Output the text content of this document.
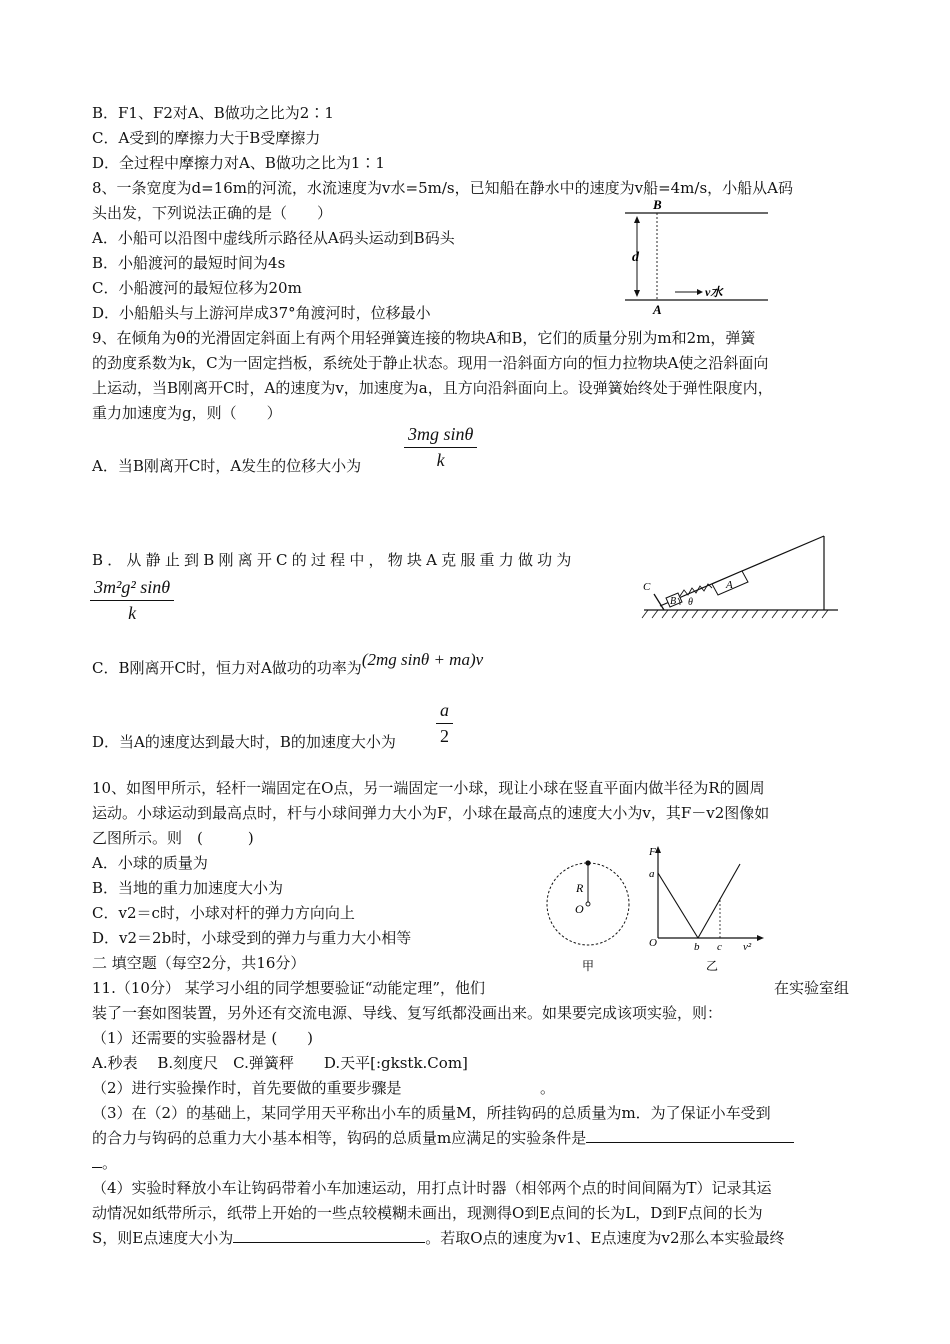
B．F1、F2对A、B做功之比为2∶1
C．A受到的摩擦力大于B受摩擦力
D．全过程中摩擦力对A、B做功之比为1∶1
8、一条宽度为d=16m的河流，水流速度为v水=5m/s，已知船在静水中的速度为v船=4m/s，小船从A码
头出发，下列说法正确的是（　　）
A．小船可以沿图中虚线所示路径从A码头运动到B码头
B．小船渡河的最短时间为4s
C．小船渡河的最短位移为20m
D．小船船头与上游河岸成37°角渡河时，位移最小
d
B
A
v水
9、在倾角为θ的光滑固定斜面上有两个用轻弹簧连接的物块A和B，它们的质量分别为m和2m，弹簧
的劲度系数为k，C为一固定挡板，系统处于静止状态。现用一沿斜面方向的恒力拉物块A使之沿斜面向
上运动，当B刚离开C时，A的速度为v，加速度为a，且方向沿斜面向上。设弹簧始终处于弹性限度内，
重力加速度为g，则（　　）
A．当B刚离开C时，A发生的位移大小为 $\frac{\text{3mg sinθ}}{k}$
B．从静止到B刚离开C的过程中，物块A克服重力做功为
$\frac{\text{3m²g² sinθ}}{k}$	C
B
A
θ
C．B刚离开C时，恒力对A做功的功率为(2mg sinθ + ma)v
D．当A的速度达到最大时，B的加速度大小为 $\frac{a}{2}$
10、如图甲所示，轻杆一端固定在O点，另一端固定一小球，现让小球在竖直平面内做半径为R的圆周
运动。小球运动到最高点时，杆与小球间弹力大小为F，小球在最高点的速度大小为v，其F－v2图像如
乙图所示。则　(　　　)
A．小球的质量为
B．当地的重力加速度大小为
C．v2＝c时，小球对杆的弹力方向向上
D．v2＝2b时，小球受到的弹力与重力大小相等
R
O
甲
F
a
O	b c v²
乙
二 填空题（每空2分，共16分）
11.（10分） 某学习小组的同学想要验证“动能定理”，他们	在实验室组
装了一套如图装置，另外还有交流电源、导线、复写纸都没画出来。如果要完成该项实验，则：
（1）还需要的实验器材是 (　　)
A.秒表　 B.刻度尺　C.弹簧秤　　D.天平[:gkstk.Com]
（2）进行实验操作时，首先要做的重要步骤是	。
（3）在（2）的基础上，某同学用天平称出小车的质量M，所挂钩码的总质量为m．为了保证小车受到
的合力与钩码的总重力大小基本相等，钩码的总质量m应满足的实验条件是
。
（4）实验时释放小车让钩码带着小车加速运动，用打点计时器（相邻两个点的时间间隔为T）记录其运
动情况如纸带所示，纸带上开始的一些点较模糊未画出，现测得O到E点间的长为L，D到F点间的长为
S，则E点速度大小为	。若取O点的速度为v1、E点速度为v2那么本实验最终
